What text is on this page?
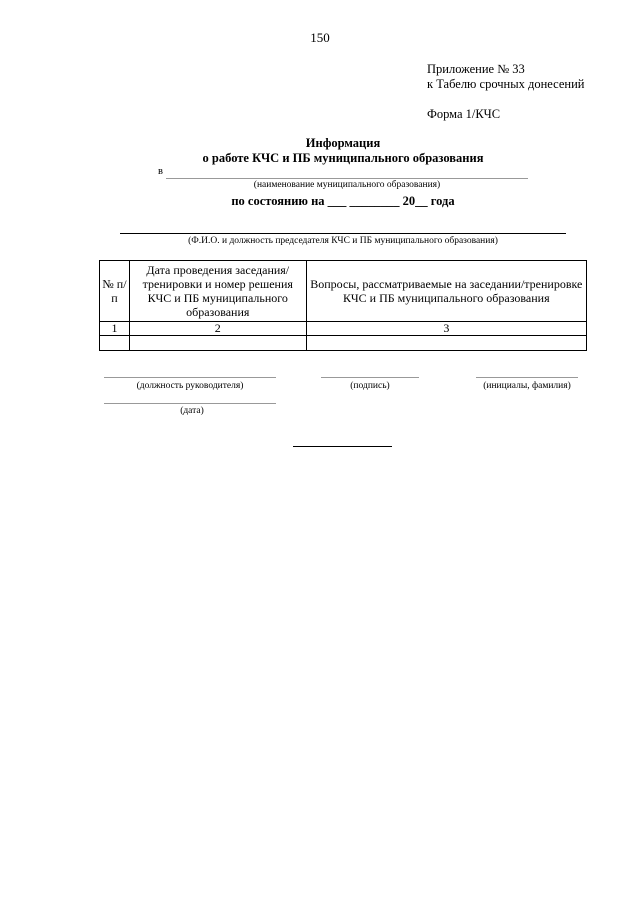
150
Приложение № 33
к Табелю срочных донесений
Форма 1/КЧС
Информация
о работе КЧС и ПБ муниципального образования
в
(наименование муниципального образования)
по состоянию на ___ ________ 20__ года
(Ф.И.О. и должность председателя КЧС и ПБ муниципального образования)
№ п/п	Дата проведения заседания/тренировки и номер решения КЧС и ПБ муниципального образования	Вопросы, рассматриваемые на заседании/тренировке КЧС и ПБ муниципального образования
1	2	3

(должность руководителя)	(подпись)	(инициалы, фамилия)
(дата)
